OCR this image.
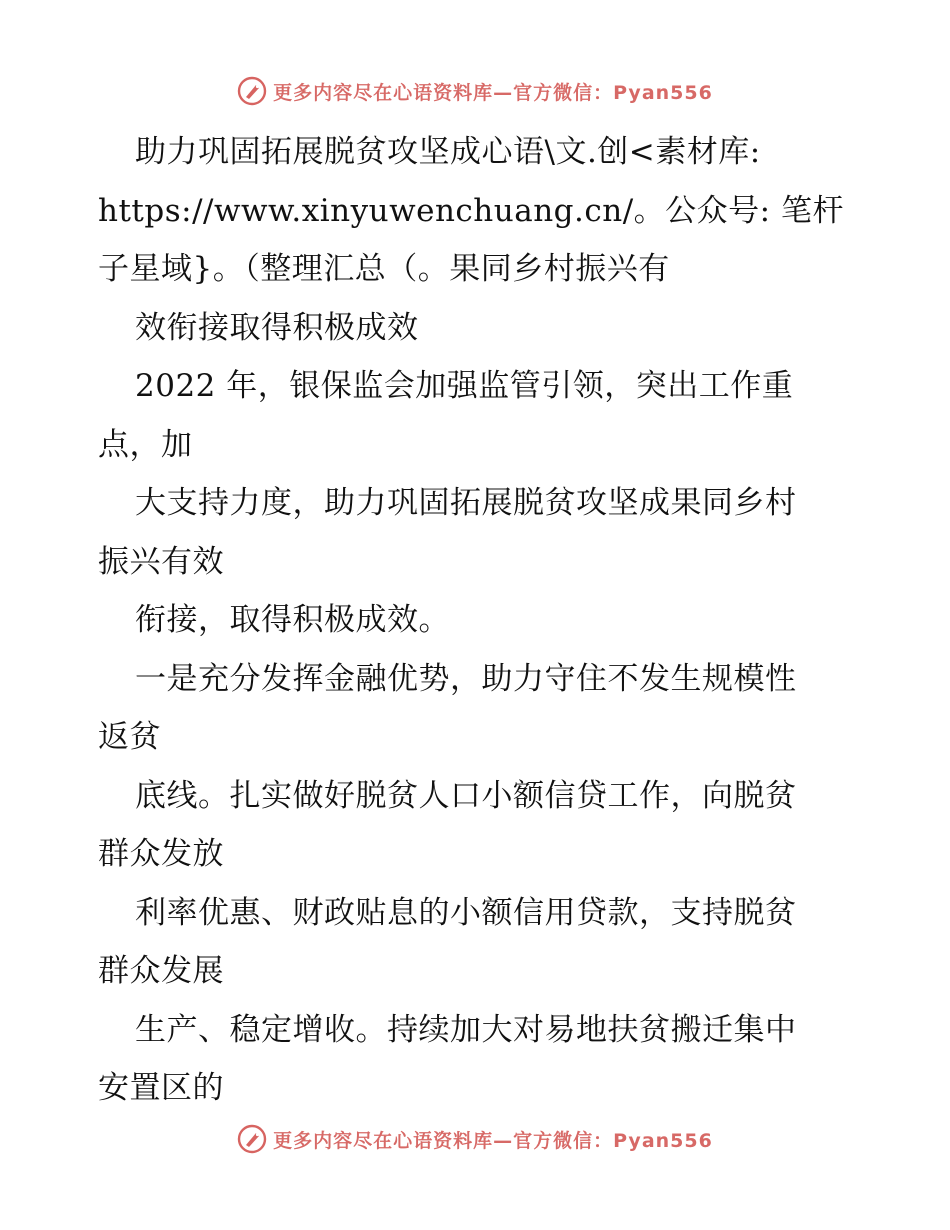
更多内容尽在心语资料库—官方微信：Pyan556
助力巩固拓展脱贫攻坚成心语\文.创<素材库:
https://www.xinyuwenchuang.cn/。公众号: 笔杆
子星域}。（整理汇总（。果同乡村振兴有
效衔接取得积极成效
2022 年，银保监会加强监管引领，突出工作重
点，加
大支持力度，助力巩固拓展脱贫攻坚成果同乡村
振兴有效
衔接，取得积极成效。
一是充分发挥金融优势，助力守住不发生规模性
返贫
底线。扎实做好脱贫人口小额信贷工作，向脱贫
群众发放
利率优惠、财政贴息的小额信用贷款，支持脱贫
群众发展
生产、稳定增收。持续加大对易地扶贫搬迁集中
安置区的
更多内容尽在心语资料库—官方微信：Pyan556
